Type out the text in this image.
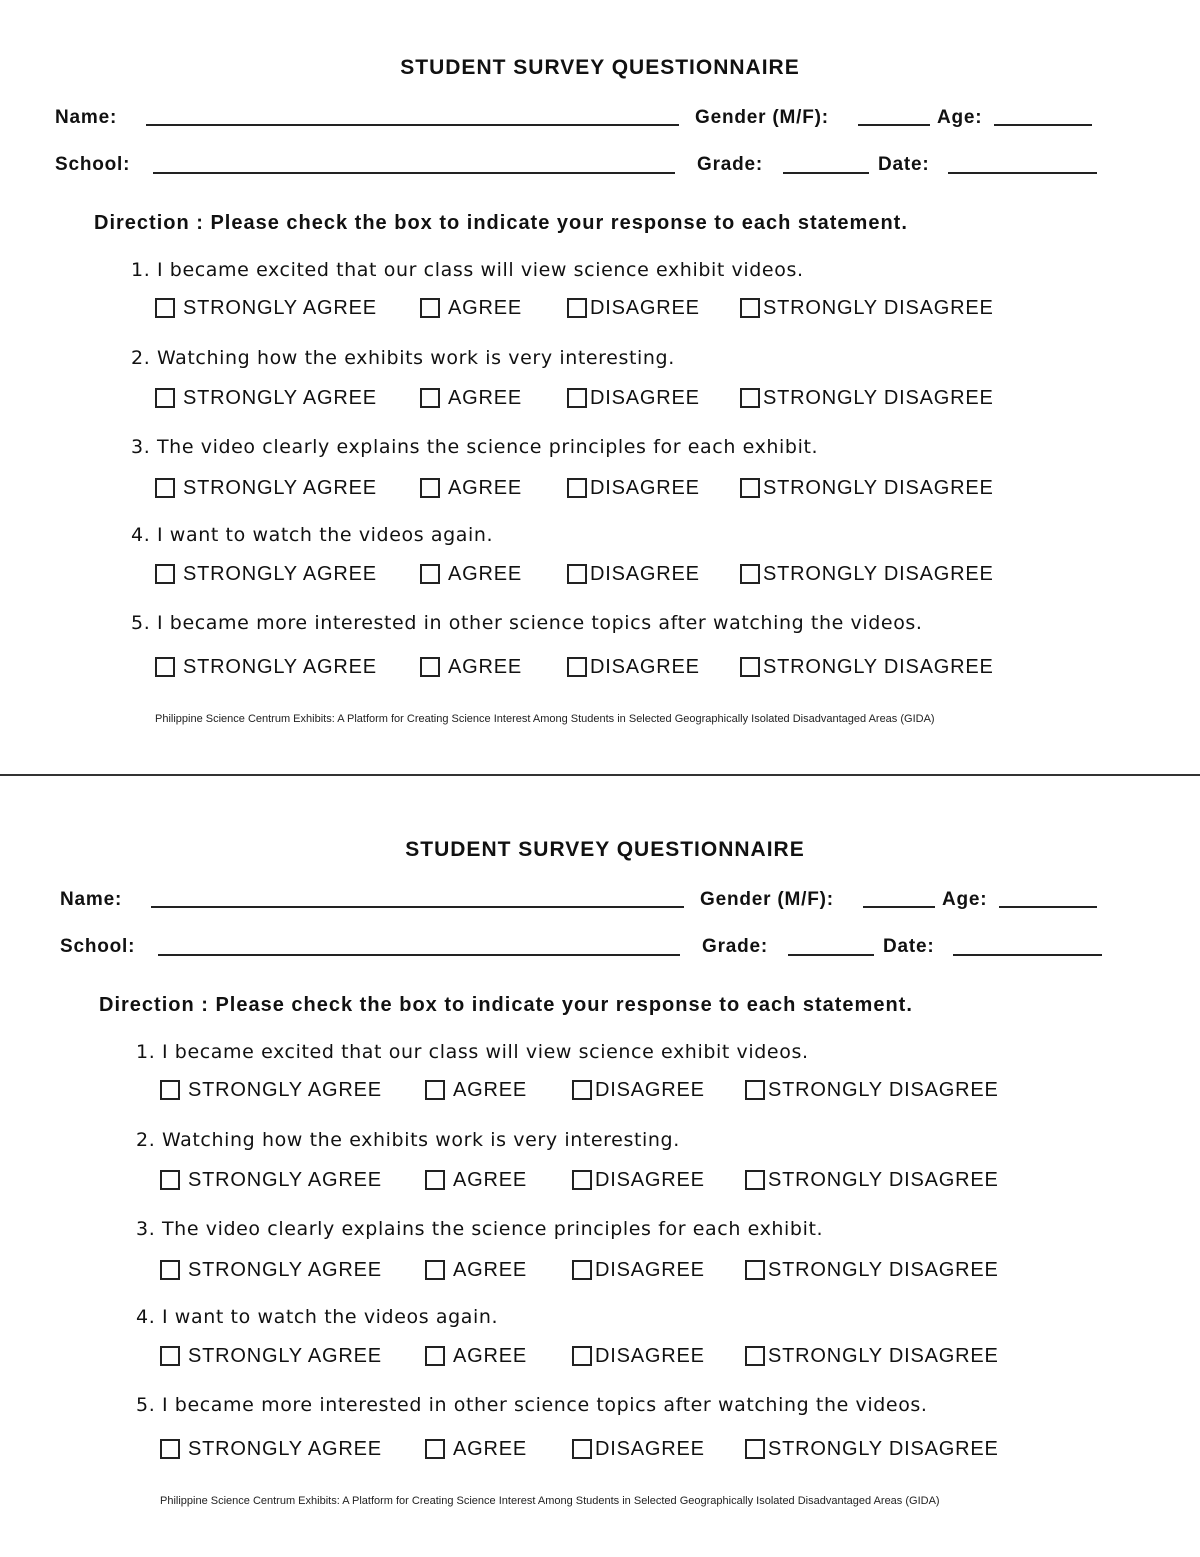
STUDENT SURVEY QUESTIONNAIRE
Name:	Gender (M/F):	Age:
School:	Grade:	Date:
Direction : Please check the box to indicate your response to each statement.
1. I became excited that our class will view science exhibit videos.
STRONGLY AGREE	AGREE	DISAGREE	STRONGLY DISAGREE
2. Watching how the exhibits work is very interesting.
STRONGLY AGREE	AGREE	DISAGREE	STRONGLY DISAGREE
3. The video clearly explains the science principles for each exhibit.
STRONGLY AGREE	AGREE	DISAGREE	STRONGLY DISAGREE
4. I want to watch the videos again.
STRONGLY AGREE	AGREE	DISAGREE	STRONGLY DISAGREE
5. I became more interested in other science topics after watching the videos.
STRONGLY AGREE	AGREE	DISAGREE	STRONGLY DISAGREE
Philippine Science Centrum Exhibits: A Platform for Creating Science Interest Among Students in Selected Geographically Isolated Disadvantaged Areas (GIDA)
STUDENT SURVEY QUESTIONNAIRE
Name:	Gender (M/F):	Age:
School:	Grade:	Date:
Direction : Please check the box to indicate your response to each statement.
1. I became excited that our class will view science exhibit videos.
STRONGLY AGREE	AGREE	DISAGREE	STRONGLY DISAGREE
2. Watching how the exhibits work is very interesting.
STRONGLY AGREE	AGREE	DISAGREE	STRONGLY DISAGREE
3. The video clearly explains the science principles for each exhibit.
STRONGLY AGREE	AGREE	DISAGREE	STRONGLY DISAGREE
4. I want to watch the videos again.
STRONGLY AGREE	AGREE	DISAGREE	STRONGLY DISAGREE
5. I became more interested in other science topics after watching the videos.
STRONGLY AGREE	AGREE	DISAGREE	STRONGLY DISAGREE
Philippine Science Centrum Exhibits: A Platform for Creating Science Interest Among Students in Selected Geographically Isolated Disadvantaged Areas (GIDA)
